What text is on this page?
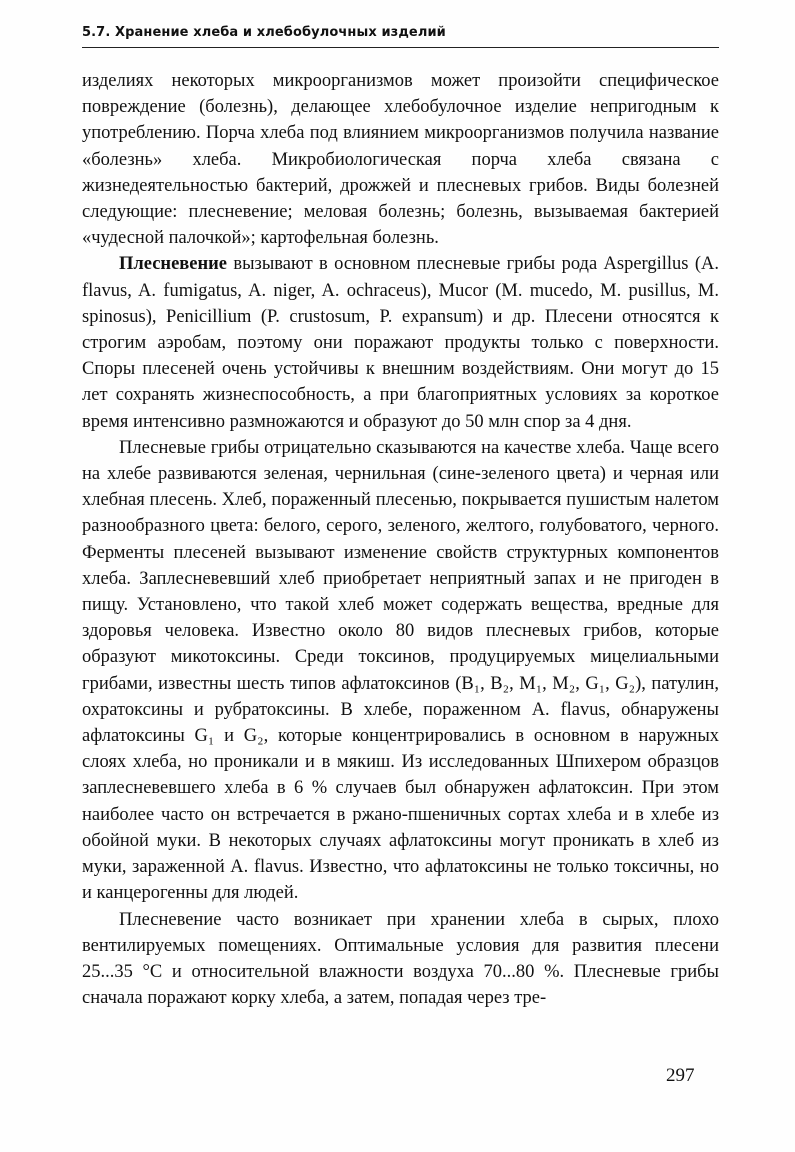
5.7. Хранение хлеба и хлебобулочных изделий

изделиях некоторых микроорганизмов может произойти специфическое повреждение (болезнь), делающее хлебобулочное изделие непригодным к употреблению. Порча хлеба под влиянием микроорганизмов получила название «болезнь» хлеба. Микробиологическая порча хлеба связана с жизнедеятельностью бактерий, дрожжей и плесневых грибов. Виды болезней следующие: плесневение; меловая болезнь; болезнь, вызываемая бактерией «чудесной палочкой»; картофельная болезнь.

Плесневение вызывают в основном плесневые грибы рода Aspergillus (A. flavus, A. fumigatus, A. niger, A. ochraceus), Mucor (M. mucedo, M. pusillus, M. spinosus), Penicillium (P. crustosum, P. expansum) и др. Плесени относятся к строгим аэробам, поэтому они поражают продукты только с поверхности. Споры плесеней очень устойчивы к внешним воздействиям. Они могут до 15 лет сохранять жизнеспособность, а при благоприятных условиях за короткое время интенсивно размножаются и образуют до 50 млн спор за 4 дня.

Плесневые грибы отрицательно сказываются на качестве хлеба. Чаще всего на хлебе развиваются зеленая, чернильная (сине-зеленого цвета) и черная или хлебная плесень. Хлеб, пораженный плесенью, покрывается пушистым налетом разнообразного цвета: белого, серого, зеленого, желтого, голубоватого, черного. Ферменты плесеней вызывают изменение свойств структурных компонентов хлеба. Заплесневевший хлеб приобретает неприятный запах и не пригоден в пищу. Установлено, что такой хлеб может содержать вещества, вредные для здоровья человека. Известно около 80 видов плесневых грибов, которые образуют микотоксины. Среди токсинов, продуцируемых мицелиальными грибами, известны шесть типов афлатоксинов (B₁, B₂, M₁, M₂, G₁, G₂), патулин, охратоксины и рубратоксины. В хлебе, пораженном A. flavus, обнаружены афлатоксины G₁ и G₂, которые концентрировались в основном в наружных слоях хлеба, но проникали и в мякиш. Из исследованных Шпихером образцов заплесневевшего хлеба в 6 % случаев был обнаружен афлатоксин. При этом наиболее часто он встречается в ржано-пшеничных сортах хлеба и в хлебе из обойной муки. В некоторых случаях афлатоксины могут проникать в хлеб из муки, зараженной A. flavus. Известно, что афлатоксины не только токсичны, но и канцерогенны для людей.

Плесневение часто возникает при хранении хлеба в сырых, плохо вентилируемых помещениях. Оптимальные условия для развития плесени 25...35 °C и относительной влажности воздуха 70...80 %. Плесневые грибы сначала поражают корку хлеба, а затем, попадая через тре-

297
